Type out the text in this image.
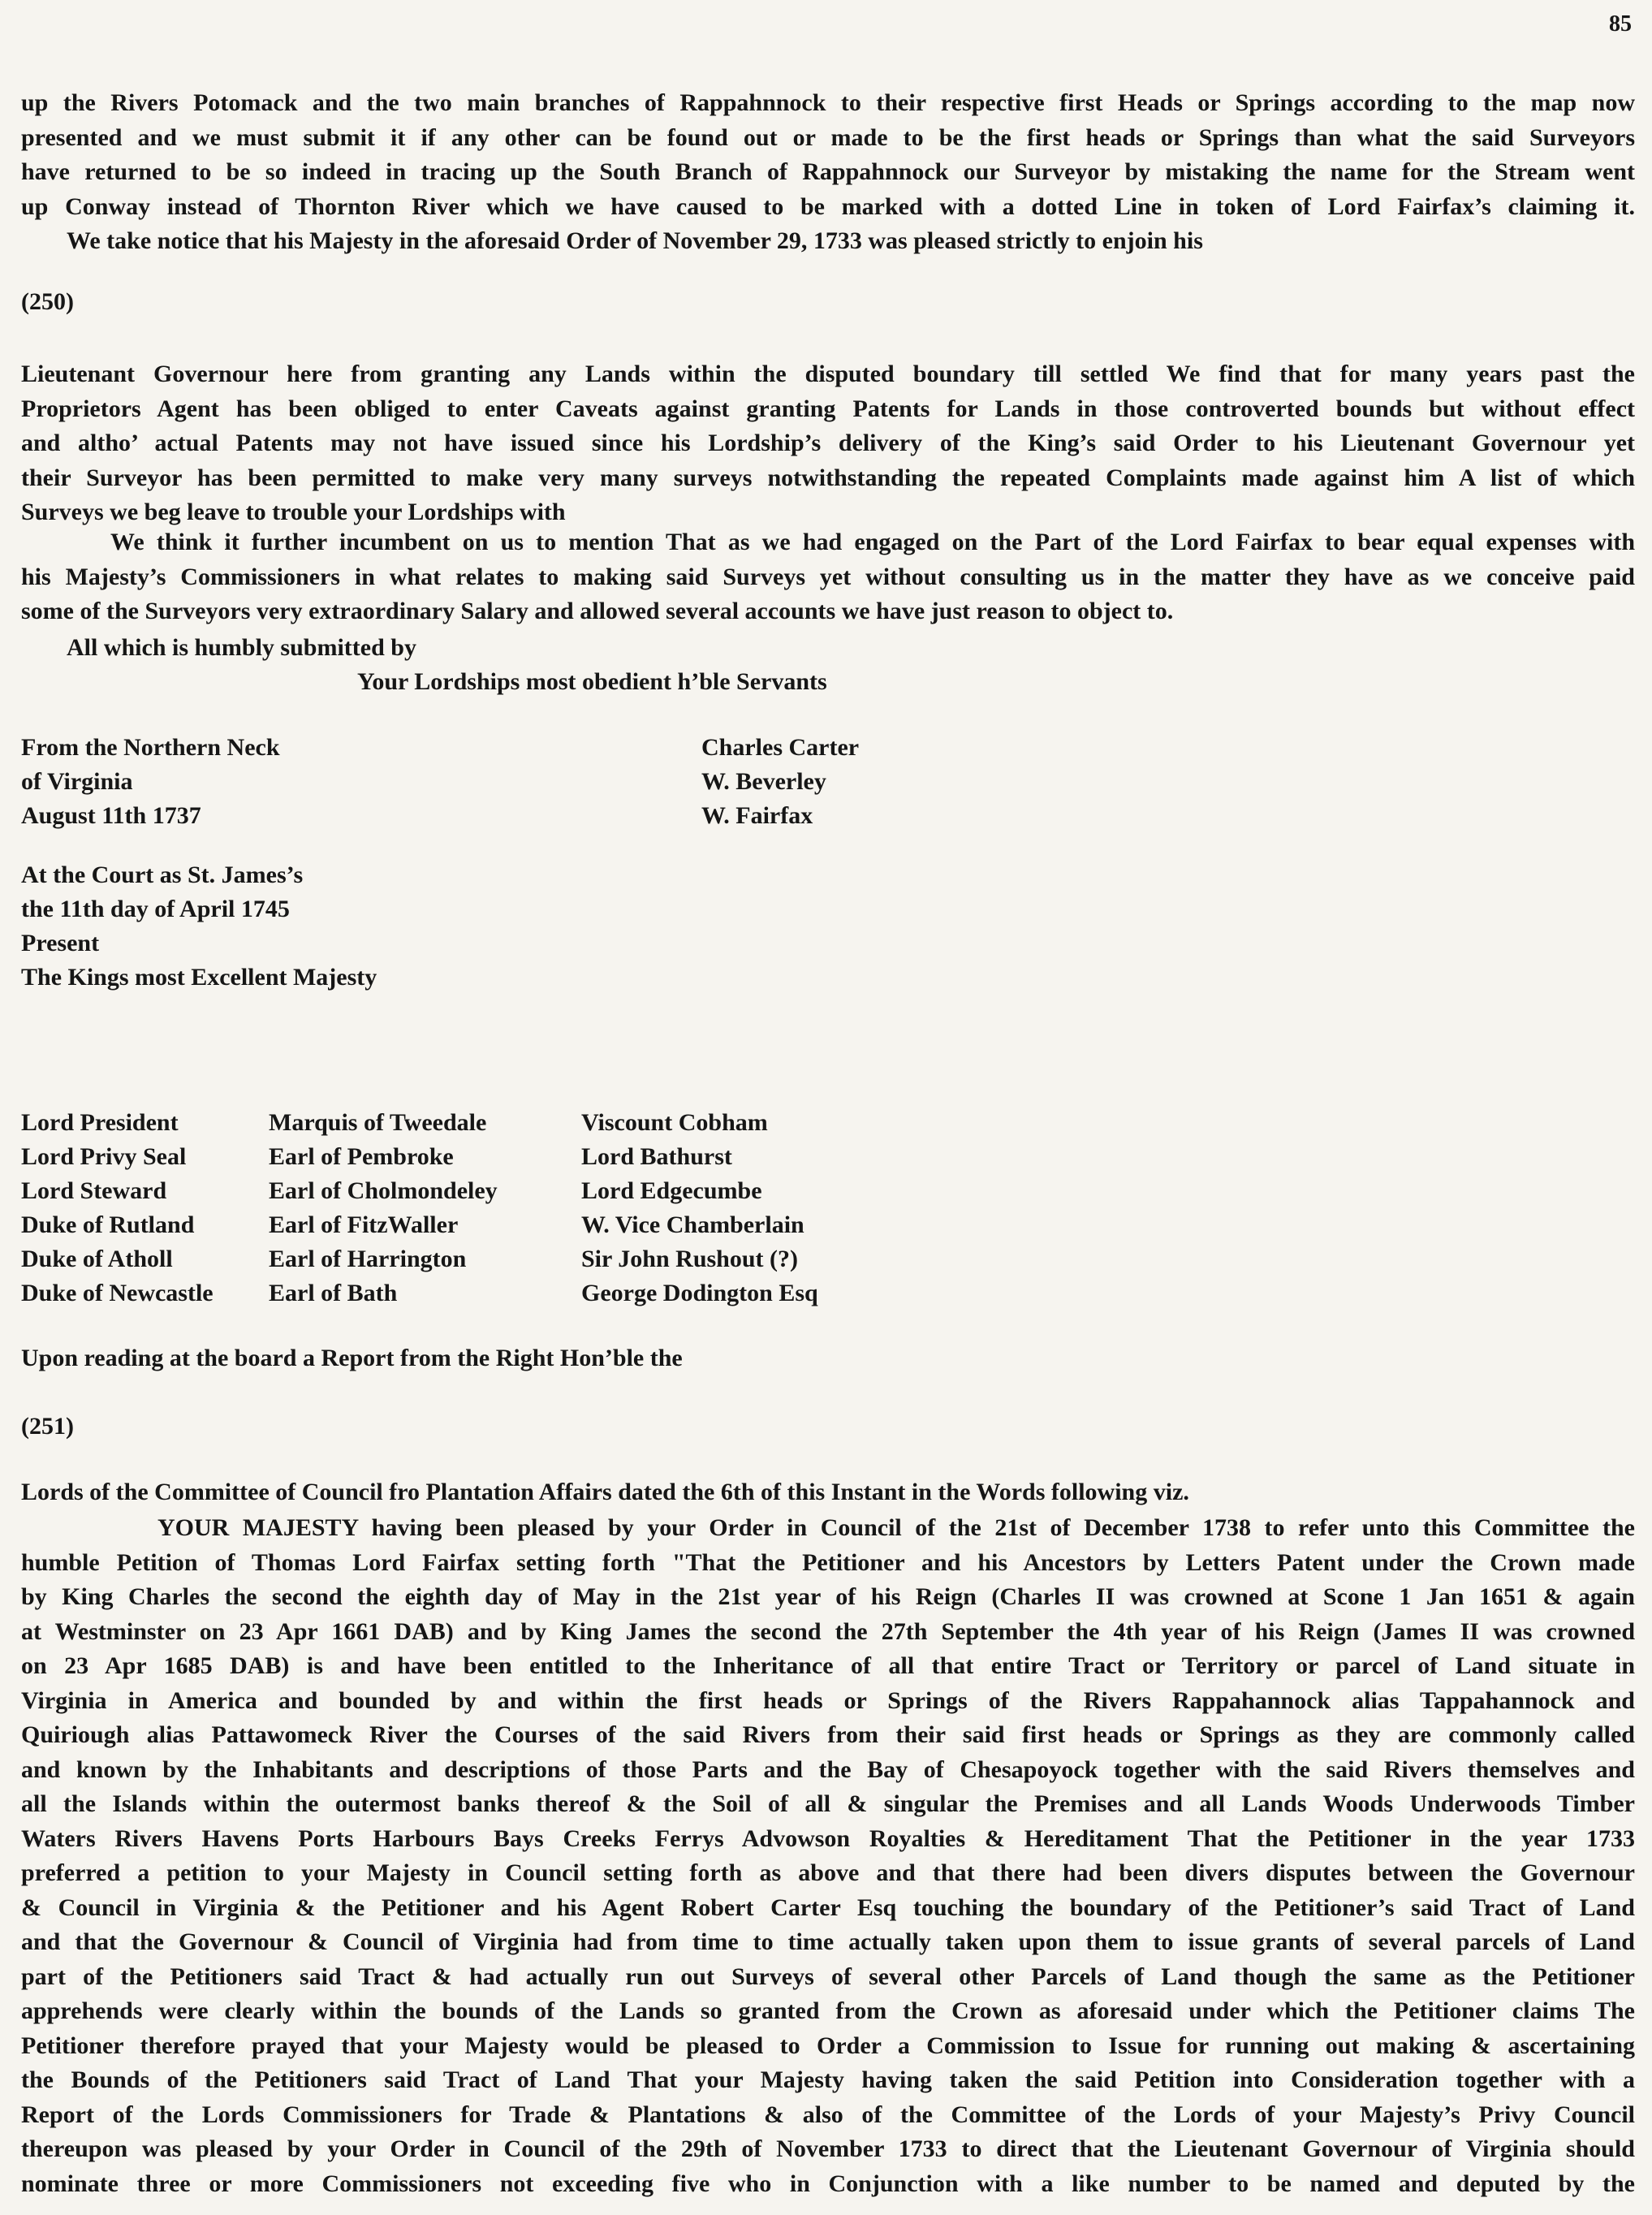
85
up the Rivers Potomack and the two main branches of Rappahnnock to their respective first Heads or Springs according to the map now
presented and we must submit it if any other can be found out or made to be the first heads or Springs than what the said Surveyors
have returned to be so indeed in tracing up the South Branch of Rappahnnock our Surveyor by mistaking the name for the Stream went
up Conway instead of Thornton River which we have caused to be marked with a dotted Line in token of Lord Fairfax’s claiming it.
We take notice that his Majesty in the aforesaid Order of November 29, 1733 was pleased strictly to enjoin his
(250)
Lieutenant Governour here from granting any Lands within the disputed boundary till settled We find that for many years past the
Proprietors Agent has been obliged to enter Caveats against granting Patents for Lands in those controverted bounds but without effect
and altho’ actual Patents may not have issued since his Lordship’s delivery of the King’s said Order to his Lieutenant Governour yet
their Surveyor has been permitted to make very many surveys notwithstanding the repeated Complaints made against him A list of which
Surveys we beg leave to trouble your Lordships with
We think it further incumbent on us to mention That as we had engaged on the Part of the Lord Fairfax to bear equal expenses with
his Majesty’s Commissioners in what relates to making said Surveys yet without consulting us in the matter they have as we conceive paid
some of the Surveyors very extraordinary Salary and allowed several accounts we have just reason to object to.
All which is humbly submitted by
Your Lordships most obedient h’ble Servants
From the Northern Neck
of Virginia
August 11th 1737
Charles Carter
W. Beverley
W. Fairfax
At the Court as St. James’s
the 11th day of April 1745
Present
The Kings most Excellent Majesty
Lord President
Lord Privy Seal
Lord Steward
Duke of Rutland
Duke of Atholl
Duke of Newcastle
Marquis of Tweedale
Earl of Pembroke
Earl of Cholmondeley
Earl of FitzWaller
Earl of Harrington
Earl of Bath
Viscount Cobham
Lord Bathurst
Lord Edgecumbe
W. Vice Chamberlain
Sir John Rushout (?)
George Dodington Esq
Upon reading at the board a Report from the Right Hon’ble the
(251)
Lords of the Committee of Council fro Plantation Affairs dated the 6th of this Instant in the Words following viz.
YOUR MAJESTY having been pleased by your Order in Council of the 21st of December 1738 to refer unto this Committee the
humble Petition of Thomas Lord Fairfax setting forth "That the Petitioner and his Ancestors by Letters Patent under the Crown made
by King Charles the second the eighth day of May in the 21st year of his Reign (Charles II was crowned at Scone 1 Jan 1651 & again
at Westminster on 23 Apr 1661 DAB) and by King James the second the 27th September the 4th year of his Reign (James II was crowned
on 23 Apr 1685 DAB) is and have been entitled to the Inheritance of all that entire Tract or Territory or parcel of Land situate in
Virginia in America and bounded by and within the first heads or Springs of the Rivers Rappahannock alias Tappahannock and
Quiriough alias Pattawomeck River the Courses of the said Rivers from their said first heads or Springs as they are commonly called
and known by the Inhabitants and descriptions of those Parts and the Bay of Chesapoyock together with the said Rivers themselves and
all the Islands within the outermost banks thereof & the Soil of all & singular the Premises and all Lands Woods Underwoods Timber
Waters Rivers Havens Ports Harbours Bays Creeks Ferrys Advowson Royalties & Hereditament That the Petitioner in the year 1733
preferred a petition to your Majesty in Council setting forth as above and that there had been divers disputes between the Governour
& Council in Virginia & the Petitioner and his Agent Robert Carter Esq touching the boundary of the Petitioner’s said Tract of Land
and that the Governour & Council of Virginia had from time to time actually taken upon them to issue grants of several parcels of Land
part of the Petitioners said Tract & had actually run out Surveys of several other Parcels of Land though the same as the Petitioner
apprehends were clearly within the bounds of the Lands so granted from the Crown as aforesaid under which the Petitioner claims The
Petitioner therefore prayed that your Majesty would be pleased to Order a Commission to Issue for running out making & ascertaining
the Bounds of the Petitioners said Tract of Land That your Majesty having taken the said Petition into Consideration together with a
Report of the Lords Commissioners for Trade & Plantations & also of the Committee of the Lords of your Majesty’s Privy Council
thereupon was pleased by your Order in Council of the 29th of November 1733 to direct that the Lieutenant Governour of Virginia should
nominate three or more Commissioners not exceeding five who in Conjunction with a like number to be named and deputed by the
